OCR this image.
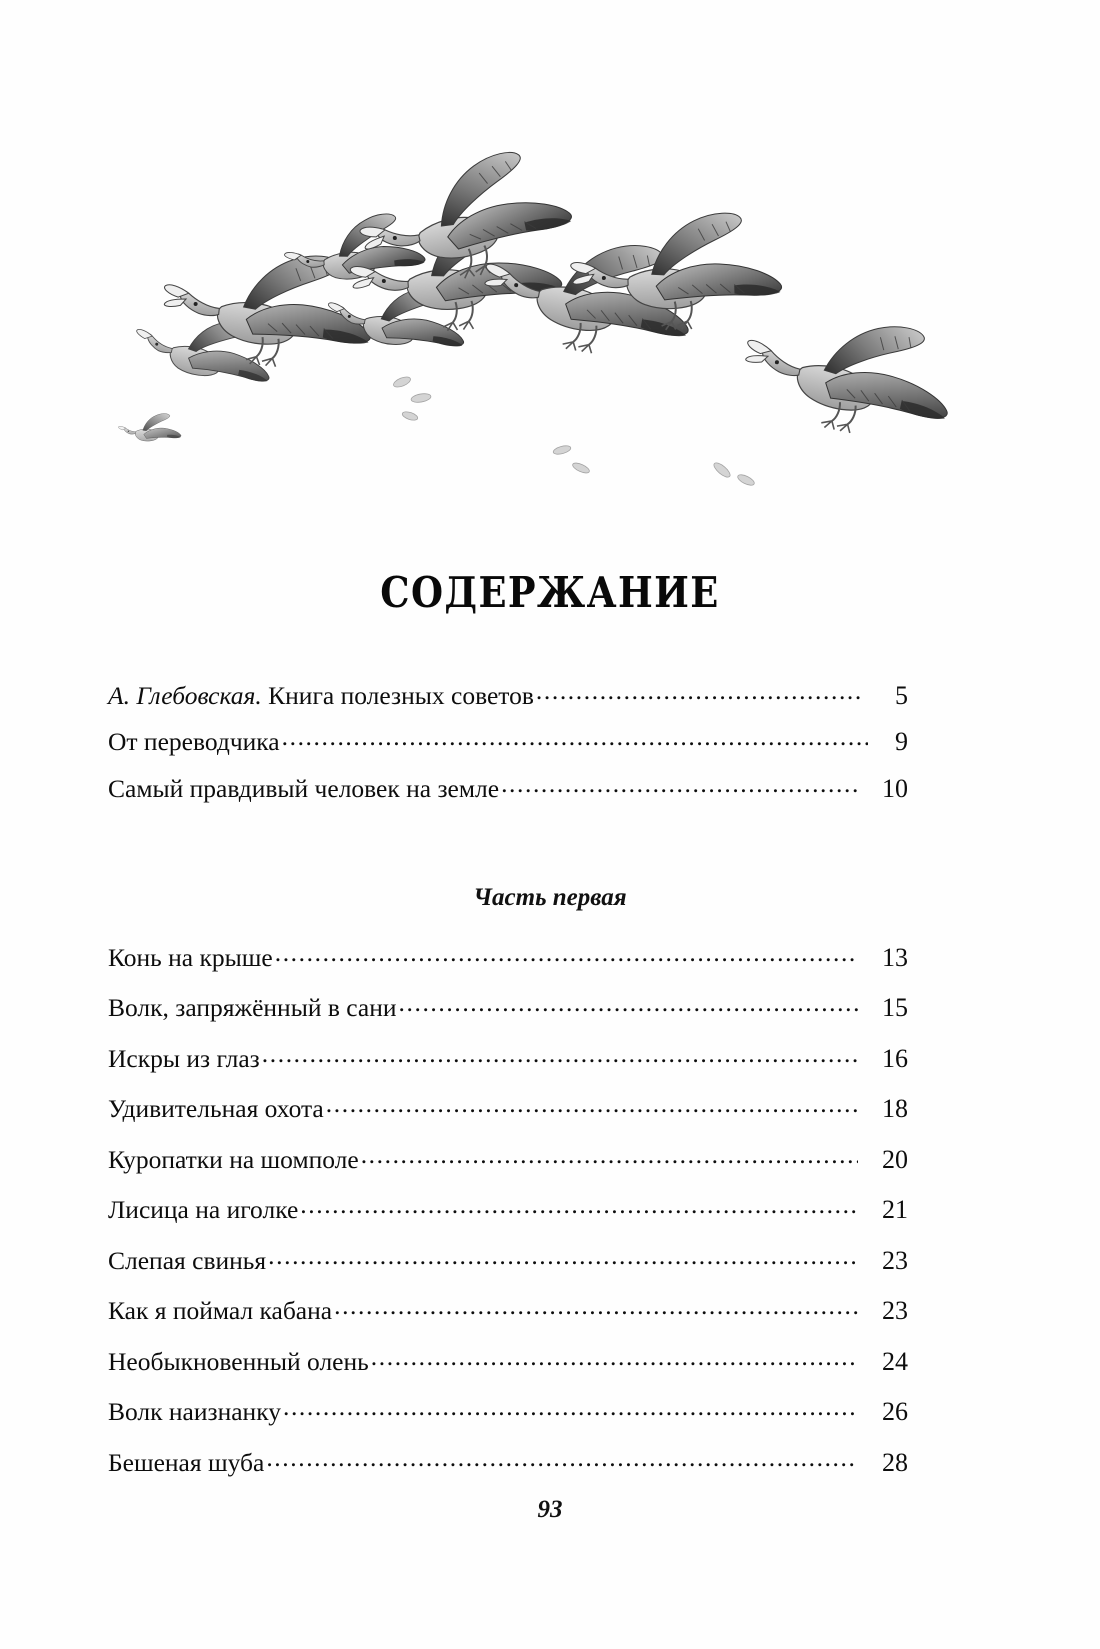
СОДЕРЖАНИЕ
А. Глебовская. Книга полезных советов .....	5
От переводчика .....	9
Самый правдивый человек на земле .....	10
Часть первая
Конь на крыше .....	13
Волк, запряжённый в сани .....	15
Искры из глаз .....	16
Удивительная охота .....	18
Куропатки на шомполе .....	20
Лисица на иголке .....	21
Слепая свинья .....	23
Как я поймал кабана .....	23
Необыкновенный олень .....	24
Волк наизнанку .....	26
Бешеная шуба .....	28
93
